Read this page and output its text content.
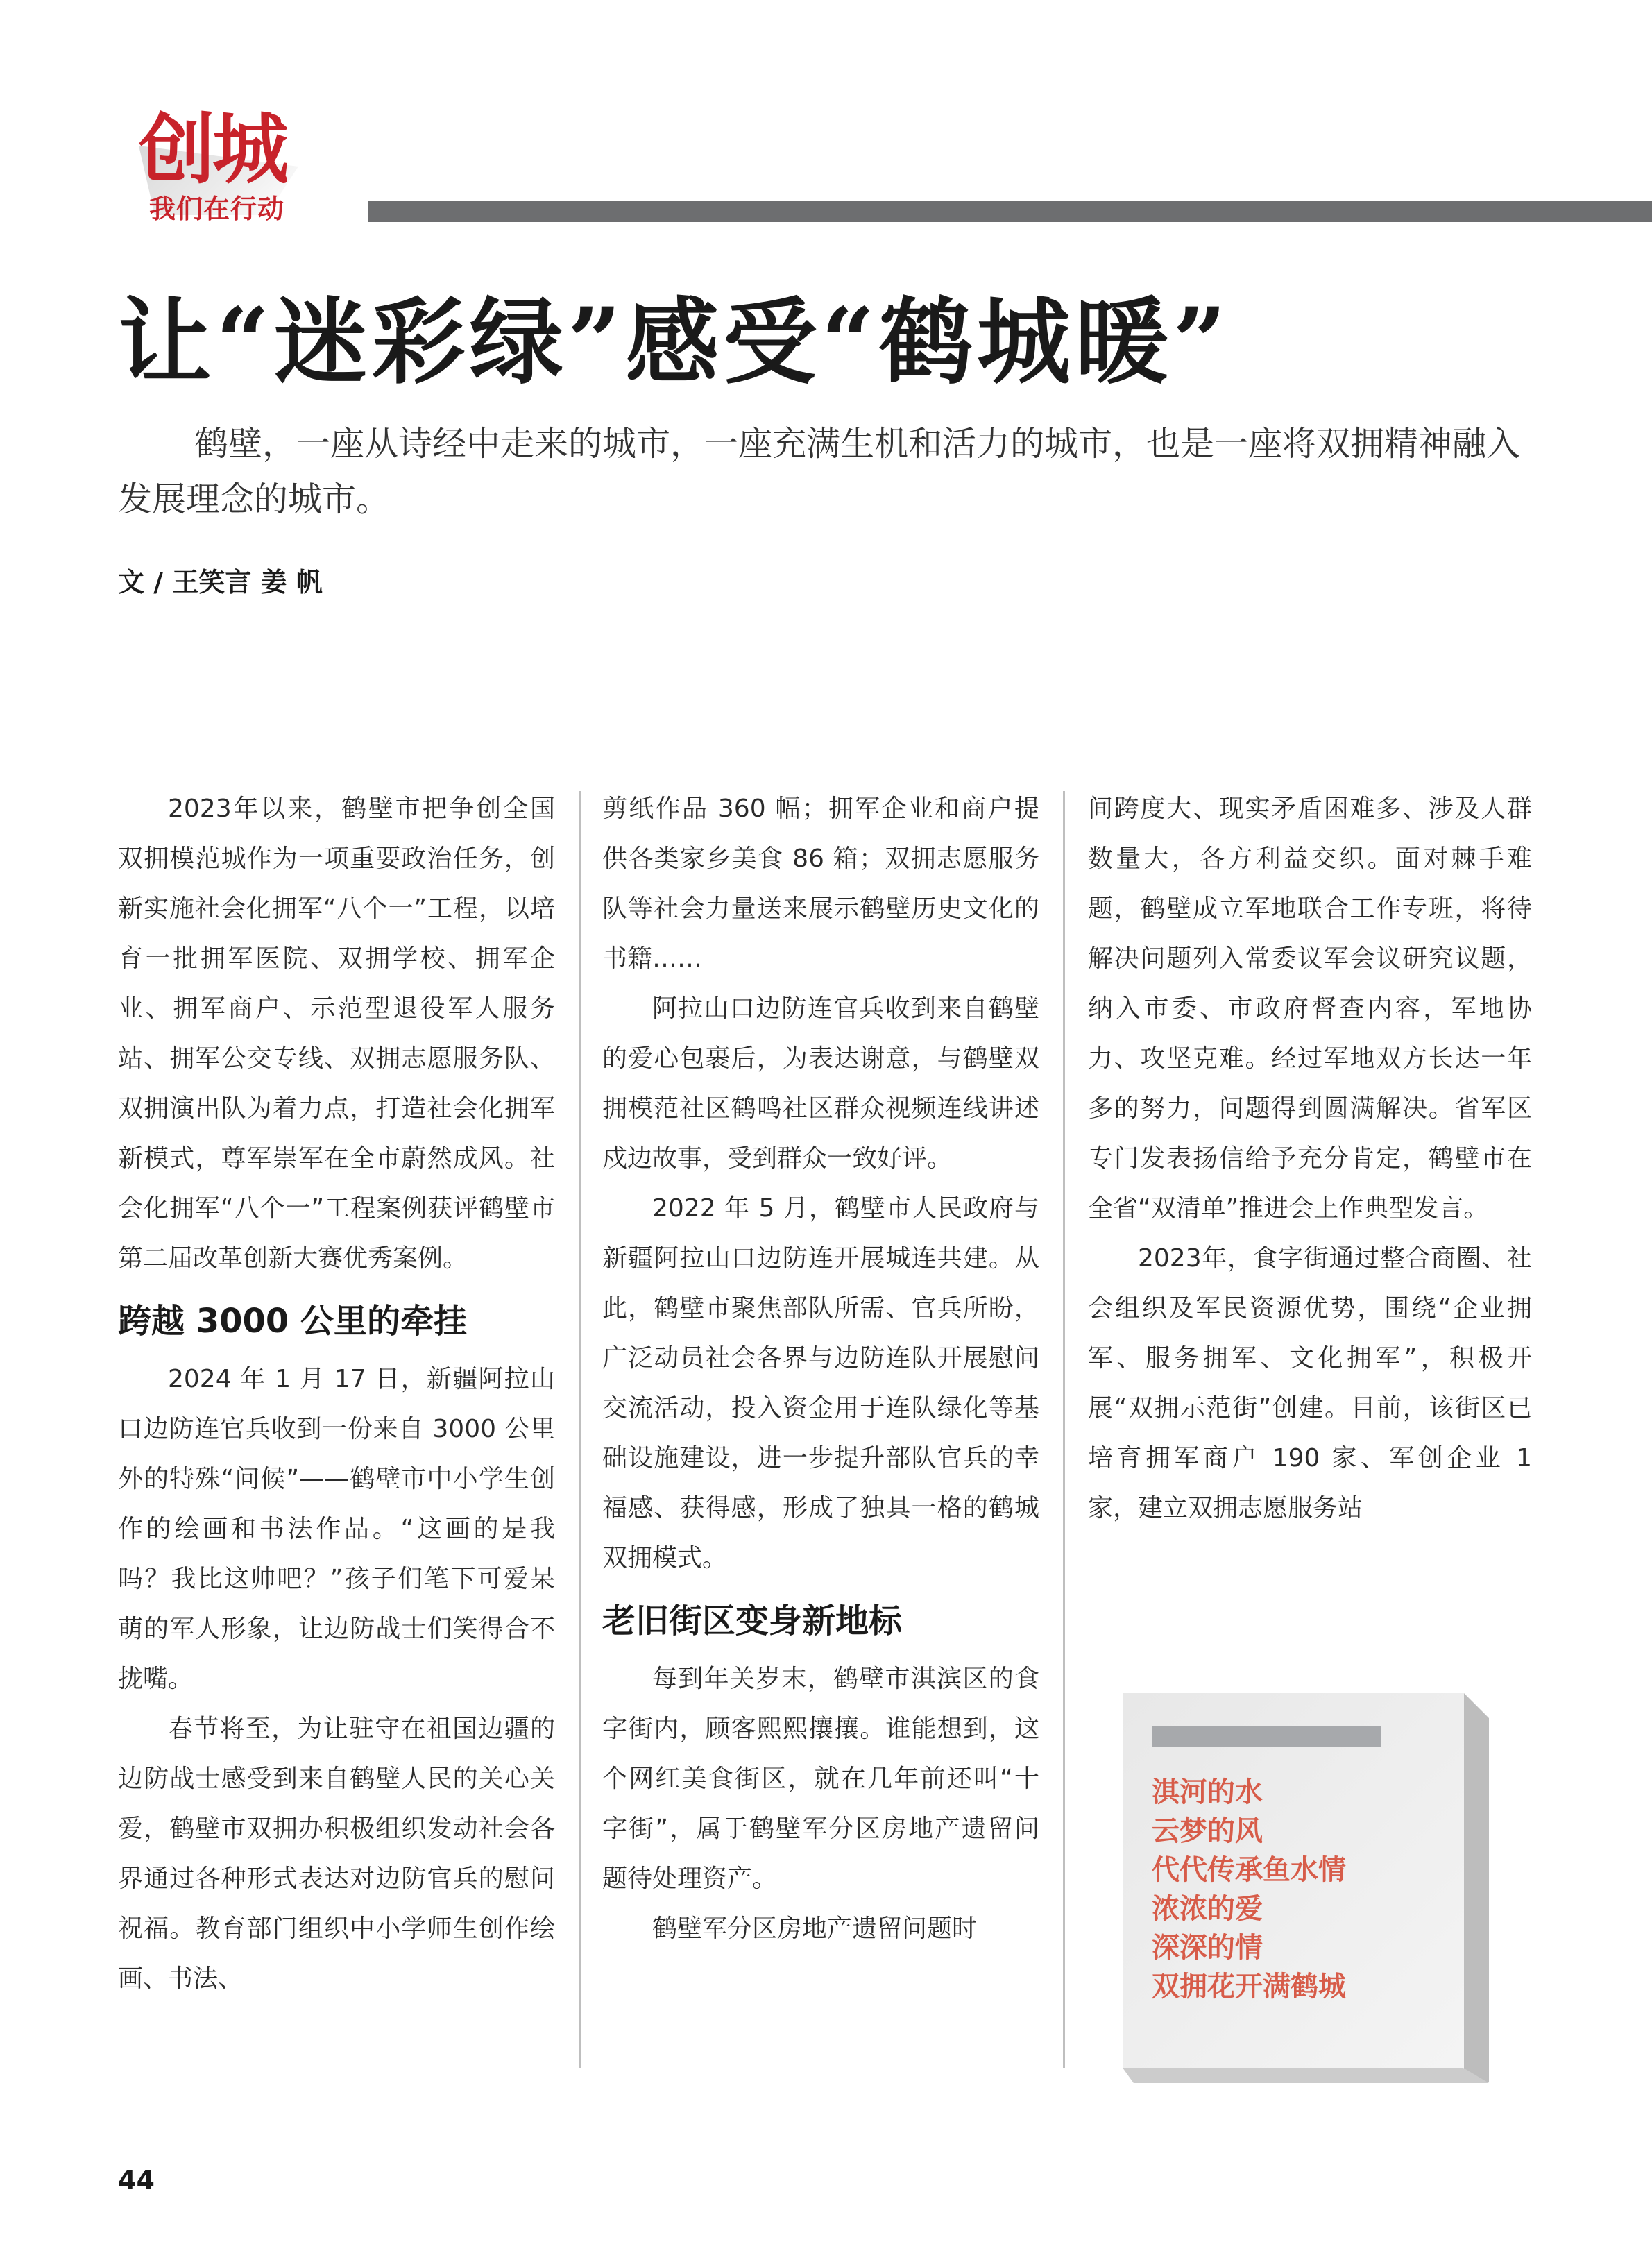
创城
我们在行动
让“迷彩绿”感受“鹤城暖”

鹤壁，一座从诗经中走来的城市，一座充满生机和活力的城市，也是一座将双拥精神融入发展理念的城市。

文 / 王笑言 姜 帆

2023年以来，鹤壁市把争创全国双拥模范城作为一项重要政治任务，创新实施社会化拥军“八个一”工程，以培育一批拥军医院、双拥学校、拥军企业、拥军商户、示范型退役军人服务站、拥军公交专线、双拥志愿服务队、双拥演出队为着力点，打造社会化拥军新模式，尊军崇军在全市蔚然成风。社会化拥军“八个一”工程案例获评鹤壁市第二届改革创新大赛优秀案例。

跨越 3000 公里的牵挂

2024 年 1 月 17 日，新疆阿拉山口边防连官兵收到一份来自 3000 公里外的特殊“问候”——鹤壁市中小学生创作的绘画和书法作品。“这画的是我吗？我比这帅吧？”孩子们笔下可爱呆萌的军人形象，让边防战士们笑得合不拢嘴。

春节将至，为让驻守在祖国边疆的边防战士感受到来自鹤壁人民的关心关爱，鹤壁市双拥办积极组织发动社会各界通过各种形式表达对边防官兵的慰问祝福。教育部门组织中小学师生创作绘画、书法、

剪纸作品 360 幅；拥军企业和商户提供各类家乡美食 86 箱；双拥志愿服务队等社会力量送来展示鹤壁历史文化的书籍……

阿拉山口边防连官兵收到来自鹤壁的爱心包裹后，为表达谢意，与鹤壁双拥模范社区鹤鸣社区群众视频连线讲述戍边故事，受到群众一致好评。

2022 年 5 月，鹤壁市人民政府与新疆阿拉山口边防连开展城连共建。从此，鹤壁市聚焦部队所需、官兵所盼，广泛动员社会各界与边防连队开展慰问交流活动，投入资金用于连队绿化等基础设施建设，进一步提升部队官兵的幸福感、获得感，形成了独具一格的鹤城双拥模式。

老旧街区变身新地标

每到年关岁末，鹤壁市淇滨区的食字街内，顾客熙熙攘攘。谁能想到，这个网红美食街区，就在几年前还叫“十字街”，属于鹤壁军分区房地产遗留问题待处理资产。

鹤壁军分区房地产遗留问题时

间跨度大、现实矛盾困难多、涉及人群数量大，各方利益交织。面对棘手难题，鹤壁成立军地联合工作专班，将待解决问题列入常委议军会议研究议题，纳入市委、市政府督查内容，军地协力、攻坚克难。经过军地双方长达一年多的努力，问题得到圆满解决。省军区专门发表扬信给予充分肯定，鹤壁市在全省“双清单”推进会上作典型发言。

2023年，食字街通过整合商圈、社会组织及军民资源优势，围绕“企业拥军、服务拥军、文化拥军”，积极开展“双拥示范街”创建。目前，该街区已培育拥军商户 190 家、军创企业 1 家，建立双拥志愿服务站

淇河的水
云梦的风
代代传承鱼水情
浓浓的爱
深深的情
双拥花开满鹤城
44
